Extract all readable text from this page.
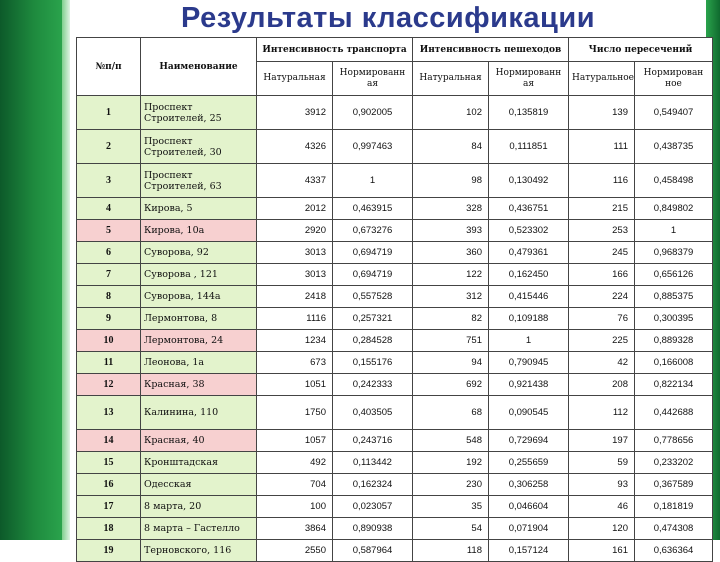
Результаты классификации
№п/п	Наименование	Интенсивность транспорта		Интенсивность пешеходов		Число пересечений	
		Натуральная	Нормированн ая	Натуральная	Нормированн ая	Натуральное	Нормирован ное
1	Проспект Строителей, 25	3912	0,902005	102	0,135819	139	0,549407
2	Проспект Строителей, 30	4326	0,997463	84	0,111851	111	0,438735
3	Проспект Строителей, 63	4337	1	98	0,130492	116	0,458498
4	Кирова, 5	2012	0,463915	328	0,436751	215	0,849802
5	Кирова, 10а	2920	0,673276	393	0,523302	253	1
6	Суворова, 92	3013	0,694719	360	0,479361	245	0,968379
7	Суворова , 121	3013	0,694719	122	0,162450	166	0,656126
8	Суворова, 144а	2418	0,557528	312	0,415446	224	0,885375
9	Лермонтова, 8	1116	0,257321	82	0,109188	76	0,300395
10	Лермонтова, 24	1234	0,284528	751	1	225	0,889328
11	Леонова, 1а	673	0,155176	94	0,790945	42	0,166008
12	Красная, 38	1051	0,242333	692	0,921438	208	0,822134
13	Калинина, 110	1750	0,403505	68	0,090545	112	0,442688
14	Красная, 40	1057	0,243716	548	0,729694	197	0,778656
15	Кронштадская	492	0,113442	192	0,255659	59	0,233202
16	Одесская	704	0,162324	230	0,306258	93	0,367589
17	8 марта, 20	100	0,023057	35	0,046604	46	0,181819
18	8 марта – Гастелло	3864	0,890938	54	0,071904	120	0,474308
19	Терновского, 116	2550	0,587964	118	0,157124	161	0,636364
